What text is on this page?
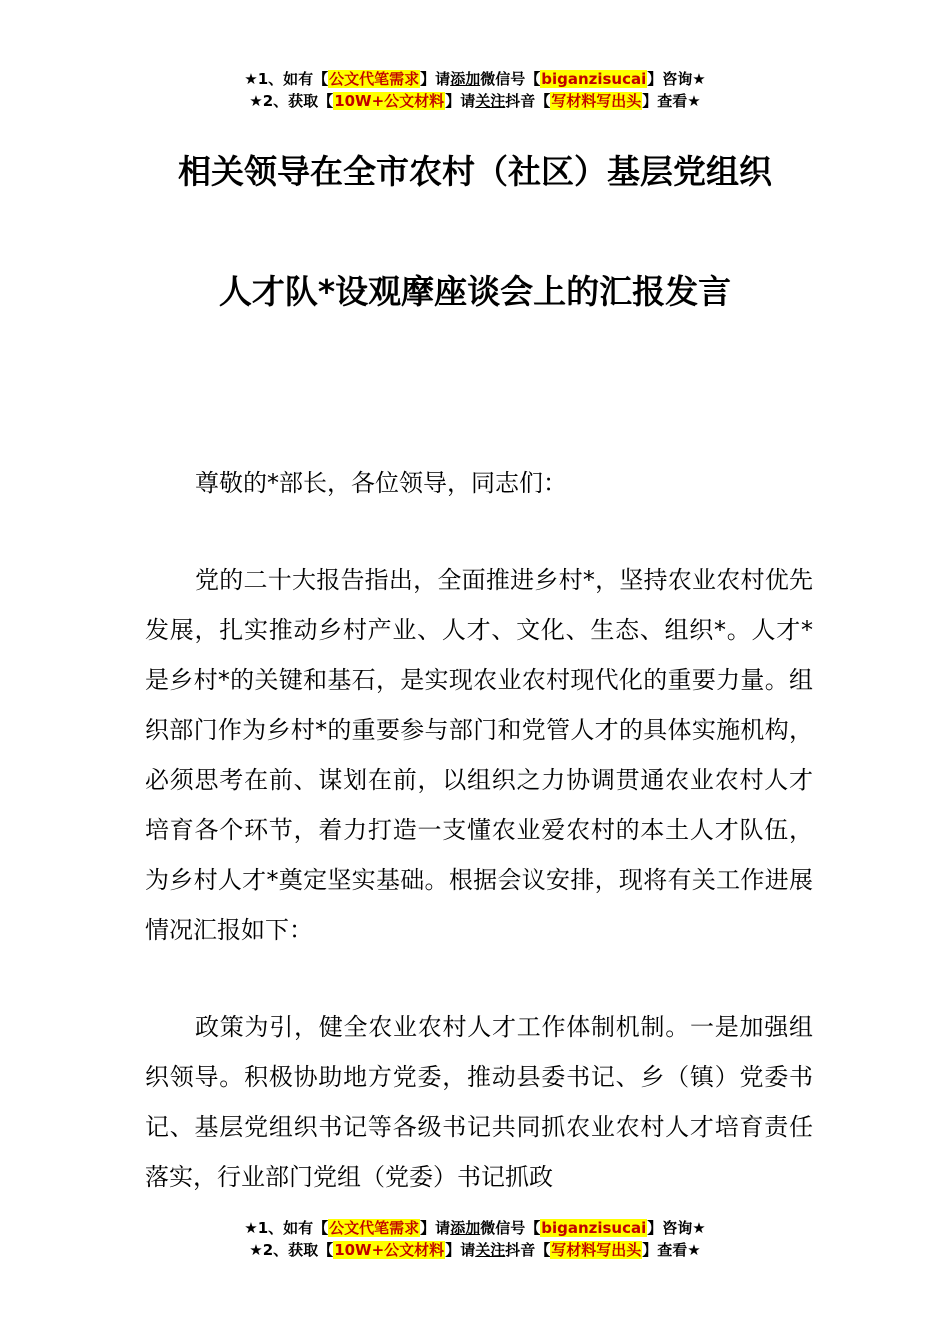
★1、如有【公文代笔需求】请添加微信号【biganzisucai】咨询★
★2、获取【10W+公文材料】请关注抖音【写材料写出头】查看★
相关领导在全市农村（社区）基层党组织
人才队*设观摩座谈会上的汇报发言

尊敬的*部长，各位领导，同志们：

党的二十大报告指出，全面推进乡村*，坚持农业农村优先发展，扎实推动乡村产业、人才、文化、生态、组织*。人才*是乡村*的关键和基石，是实现农业农村现代化的重要力量。组织部门作为乡村*的重要参与部门和党管人才的具体实施机构，必须思考在前、谋划在前，以组织之力协调贯通农业农村人才培育各个环节，着力打造一支懂农业爱农村的本土人才队伍，为乡村人才*奠定坚实基础。根据会议安排，现将有关工作进展情况汇报如下：

政策为引，健全农业农村人才工作体制机制。一是加强组织领导。积极协助地方党委，推动县委书记、乡（镇）党委书记、基层党组织书记等各级书记共同抓农业农村人才培育责任落实，行业部门党组（党委）书记抓政

★1、如有【公文代笔需求】请添加微信号【biganzisucai】咨询★
★2、获取【10W+公文材料】请关注抖音【写材料写出头】查看★
